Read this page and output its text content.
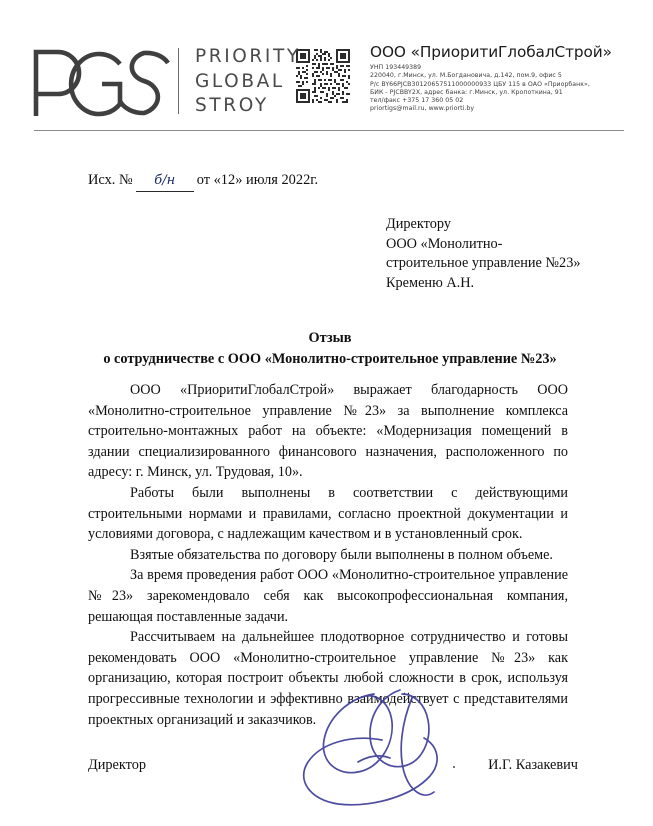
PRIORITY
GLOBAL
STROY
ООО «ПриоритиГлобалСтрой»
УНП 193449389
220040, г.Минск, ул. М.Богдановича, д.142, пом.9, офис 5
Р/с BY66PJCB30120657511000000933 ЦБУ 115 в ОАО «Приорбанк»,
БИК - PJCBBY2X, адрес банка: г.Минск, ул. Кропоткина, 91
тел/факс +375 17 360 05 02
priortigs@mail.ru, www.priorti.by
Исх. № б/н от «12» июля 2022г.
Директору
ООО «Монолитно-
строительное управление №23»
Кременю А.Н.
Отзыв
о сотрудничестве с ООО «Монолитно-строительное управление №23»

ООО «ПриоритиГлобалСтрой» выражает благодарность ООО «Монолитно-строительное управление №23» за выполнение комплекса строительно-монтажных работ на объекте: «Модернизация помещений в здании специализированного финансового назначения, расположенного по адресу: г. Минск, ул. Трудовая, 10».

Работы были выполнены в соответствии с действующими строительными нормами и правилами, согласно проектной документации и условиями договора, с надлежащим качеством и в установленный срок.

Взятые обязательства по договору были выполнены в полном объеме.

За время проведения работ ООО «Монолитно-строительное управление №23» зарекомендовало себя как высокопрофессиональная компания, решающая поставленные задачи.

Рассчитываем на дальнейшее плодотворное сотрудничество и готовы рекомендовать ООО «Монолитно-строительное управление №23» как организацию, которая построит объекты любой сложности в срок, используя прогрессивные технологии и эффективно взаимодействует с представителями проектных организаций и заказчиков.

Директор	И.Г. Казакевич
